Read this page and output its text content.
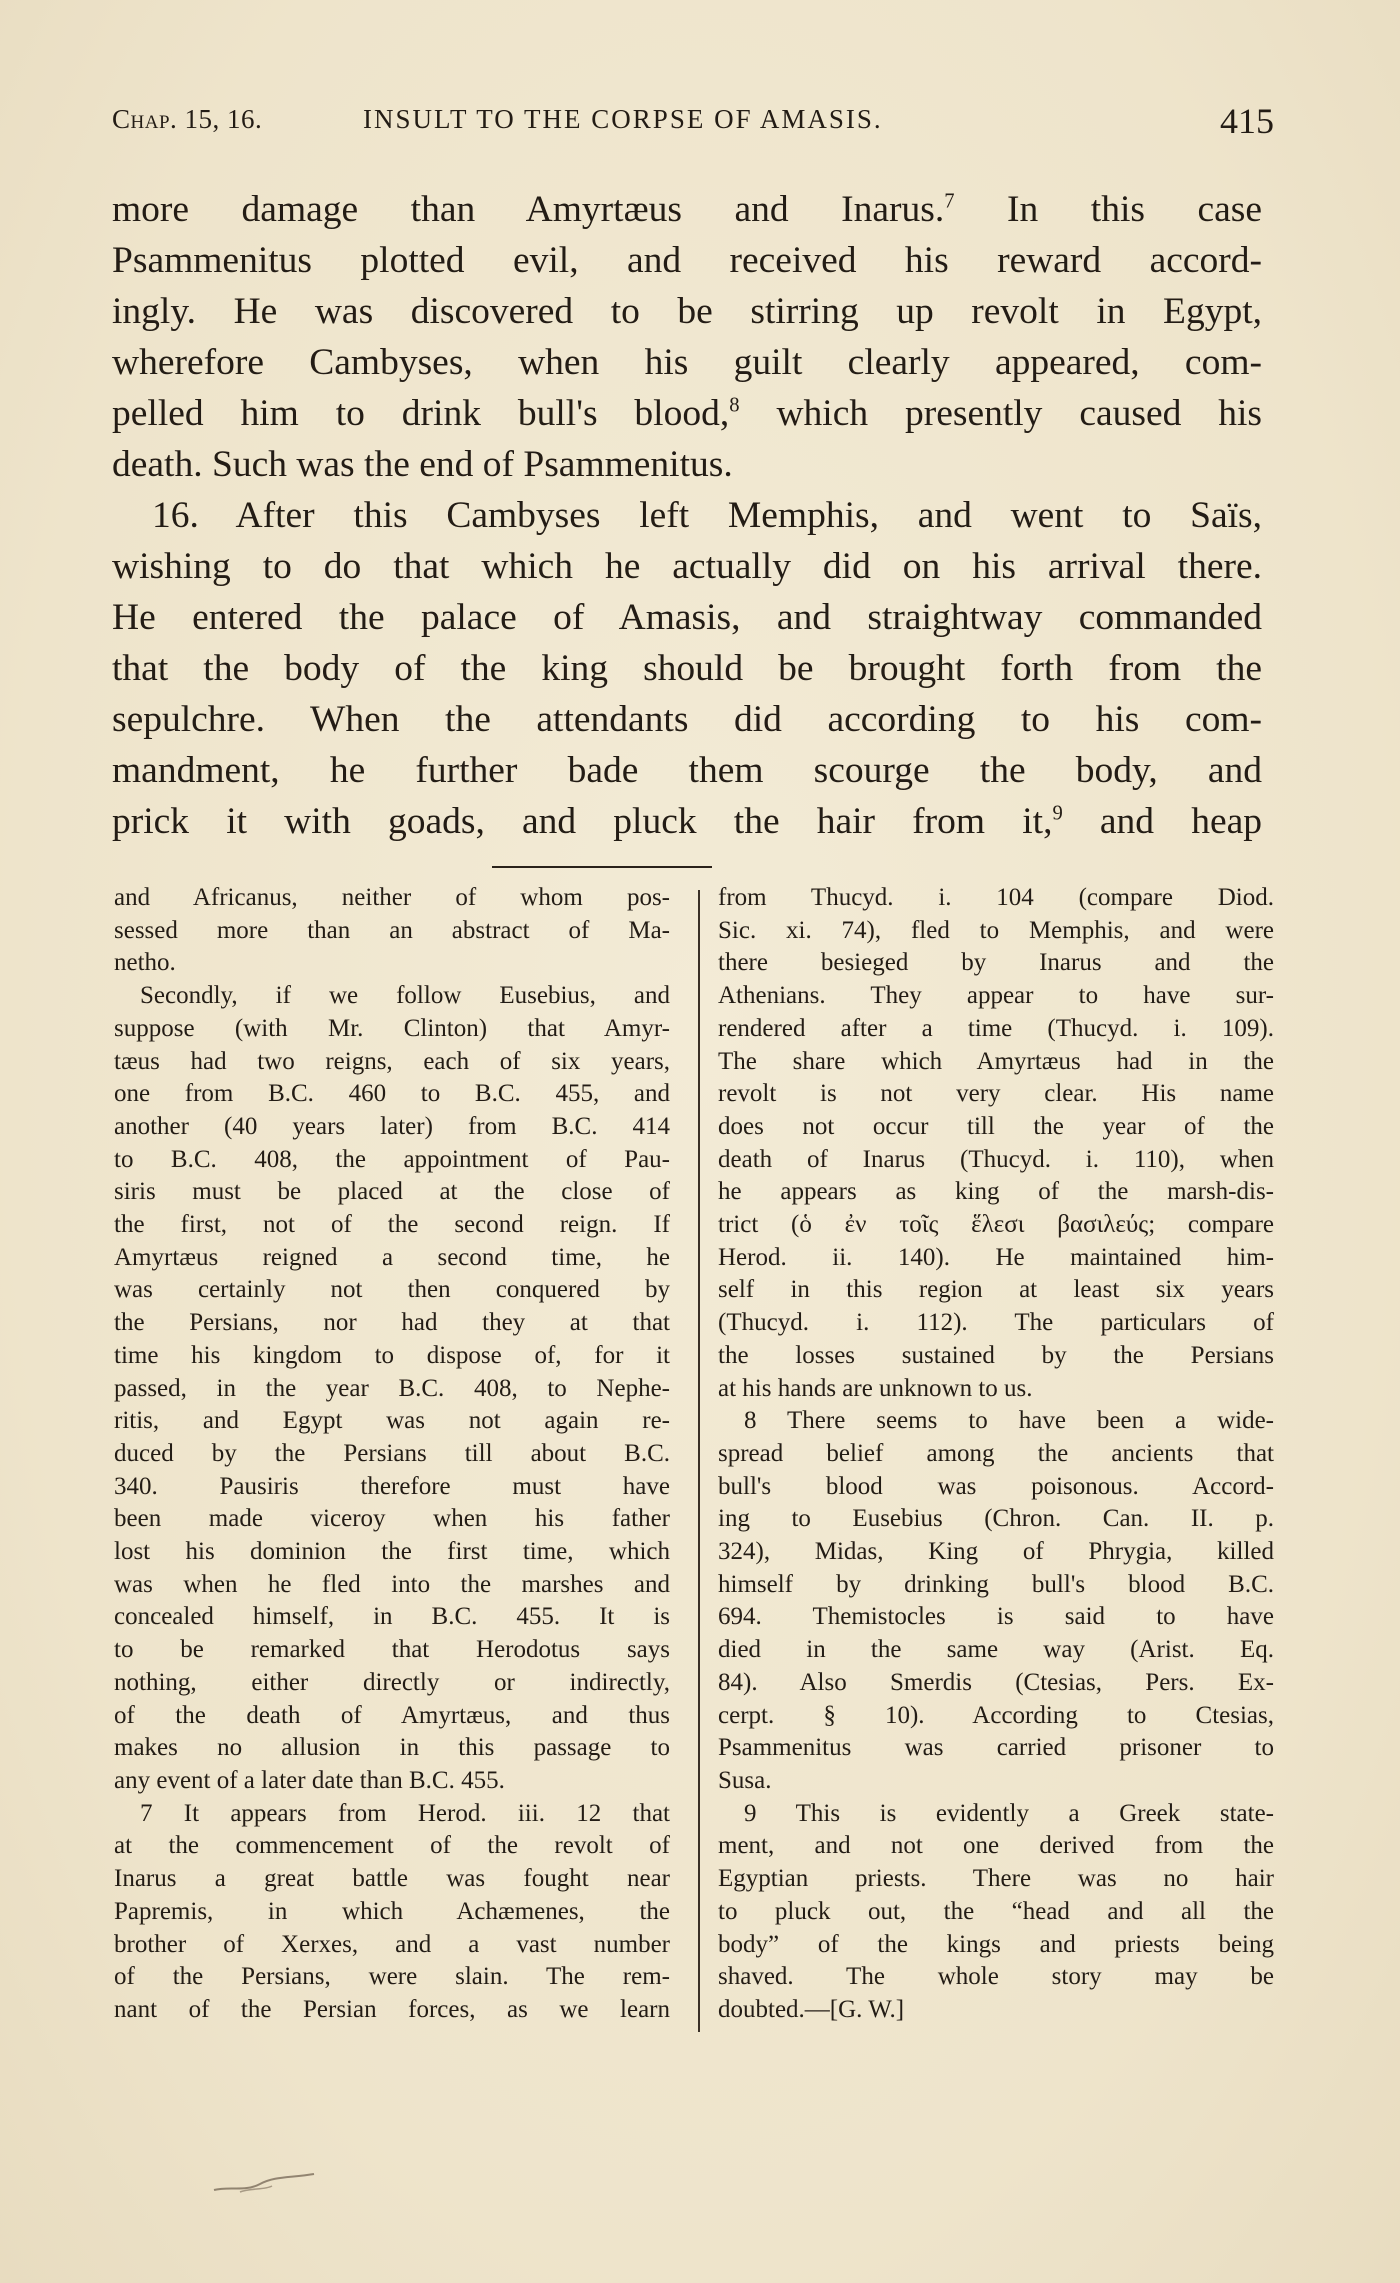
Chap. 15, 16.	INSULT TO THE CORPSE OF AMASIS.	415

more damage than Amyrtæus and Inarus.$^7$ In this case
Psammenitus plotted evil, and received his reward accord-
ingly. He was discovered to be stirring up revolt in Egypt,
wherefore Cambyses, when his guilt clearly appeared, com-
pelled him to drink bull's blood,$^8$ which presently caused his
death. Such was the end of Psammenitus.

16. After this Cambyses left Memphis, and went to Saïs,
wishing to do that which he actually did on his arrival there.
He entered the palace of Amasis, and straightway commanded
that the body of the king should be brought forth from the
sepulchre. When the attendants did according to his com-
mandment, he further bade them scourge the body, and
prick it with goads, and pluck the hair from it,$^9$ and heap

and Africanus, neither of whom pos-
sessed more than an abstract of Ma-
netho.

Secondly, if we follow Eusebius, and
suppose (with Mr. Clinton) that Amyr-
tæus had two reigns, each of six years,
one from B.C. 460 to B.C. 455, and
another (40 years later) from B.C. 414
to B.C. 408, the appointment of Pau-
siris must be placed at the close of
the first, not of the second reign. If
Amyrtæus reigned a second time, he
was certainly not then conquered by
the Persians, nor had they at that
time his kingdom to dispose of, for it
passed, in the year B.C. 408, to Nephe-
ritis, and Egypt was not again re-
duced by the Persians till about B.C.
340. Pausiris therefore must have
been made viceroy when his father
lost his dominion the first time, which
was when he fled into the marshes and
concealed himself, in B.C. 455. It is
to be remarked that Herodotus says
nothing, either directly or indirectly,
of the death of Amyrtæus, and thus
makes no allusion in this passage to
any event of a later date than B.C. 455.

7 It appears from Herod. iii. 12 that
at the commencement of the revolt of
Inarus a great battle was fought near
Papremis, in which Achæmenes, the
brother of Xerxes, and a vast number
of the Persians, were slain. The rem-
nant of the Persian forces, as we learn

from Thucyd. i. 104 (compare Diod.
Sic. xi. 74), fled to Memphis, and were
there besieged by Inarus and the
Athenians. They appear to have sur-
rendered after a time (Thucyd. i. 109).
The share which Amyrtæus had in the
revolt is not very clear. His name
does not occur till the year of the
death of Inarus (Thucyd. i. 110), when
he appears as king of the marsh-dis-
trict (ὁ ἐν τοῖς ἕλεσι βασιλεύς; compare
Herod. ii. 140). He maintained him-
self in this region at least six years
(Thucyd. i. 112). The particulars of
the losses sustained by the Persians
at his hands are unknown to us.

8 There seems to have been a wide-
spread belief among the ancients that
bull's blood was poisonous. Accord-
ing to Eusebius (Chron. Can. II. p.
324), Midas, King of Phrygia, killed
himself by drinking bull's blood B.C.
694. Themistocles is said to have
died in the same way (Arist. Eq.
84). Also Smerdis (Ctesias, Pers. Ex-
cerpt. § 10). According to Ctesias,
Psammenitus was carried prisoner to
Susa.

9 This is evidently a Greek state-
ment, and not one derived from the
Egyptian priests. There was no hair
to pluck out, the “head and all the
body” of the kings and priests being
shaved. The whole story may be
doubted.—[G. W.]
